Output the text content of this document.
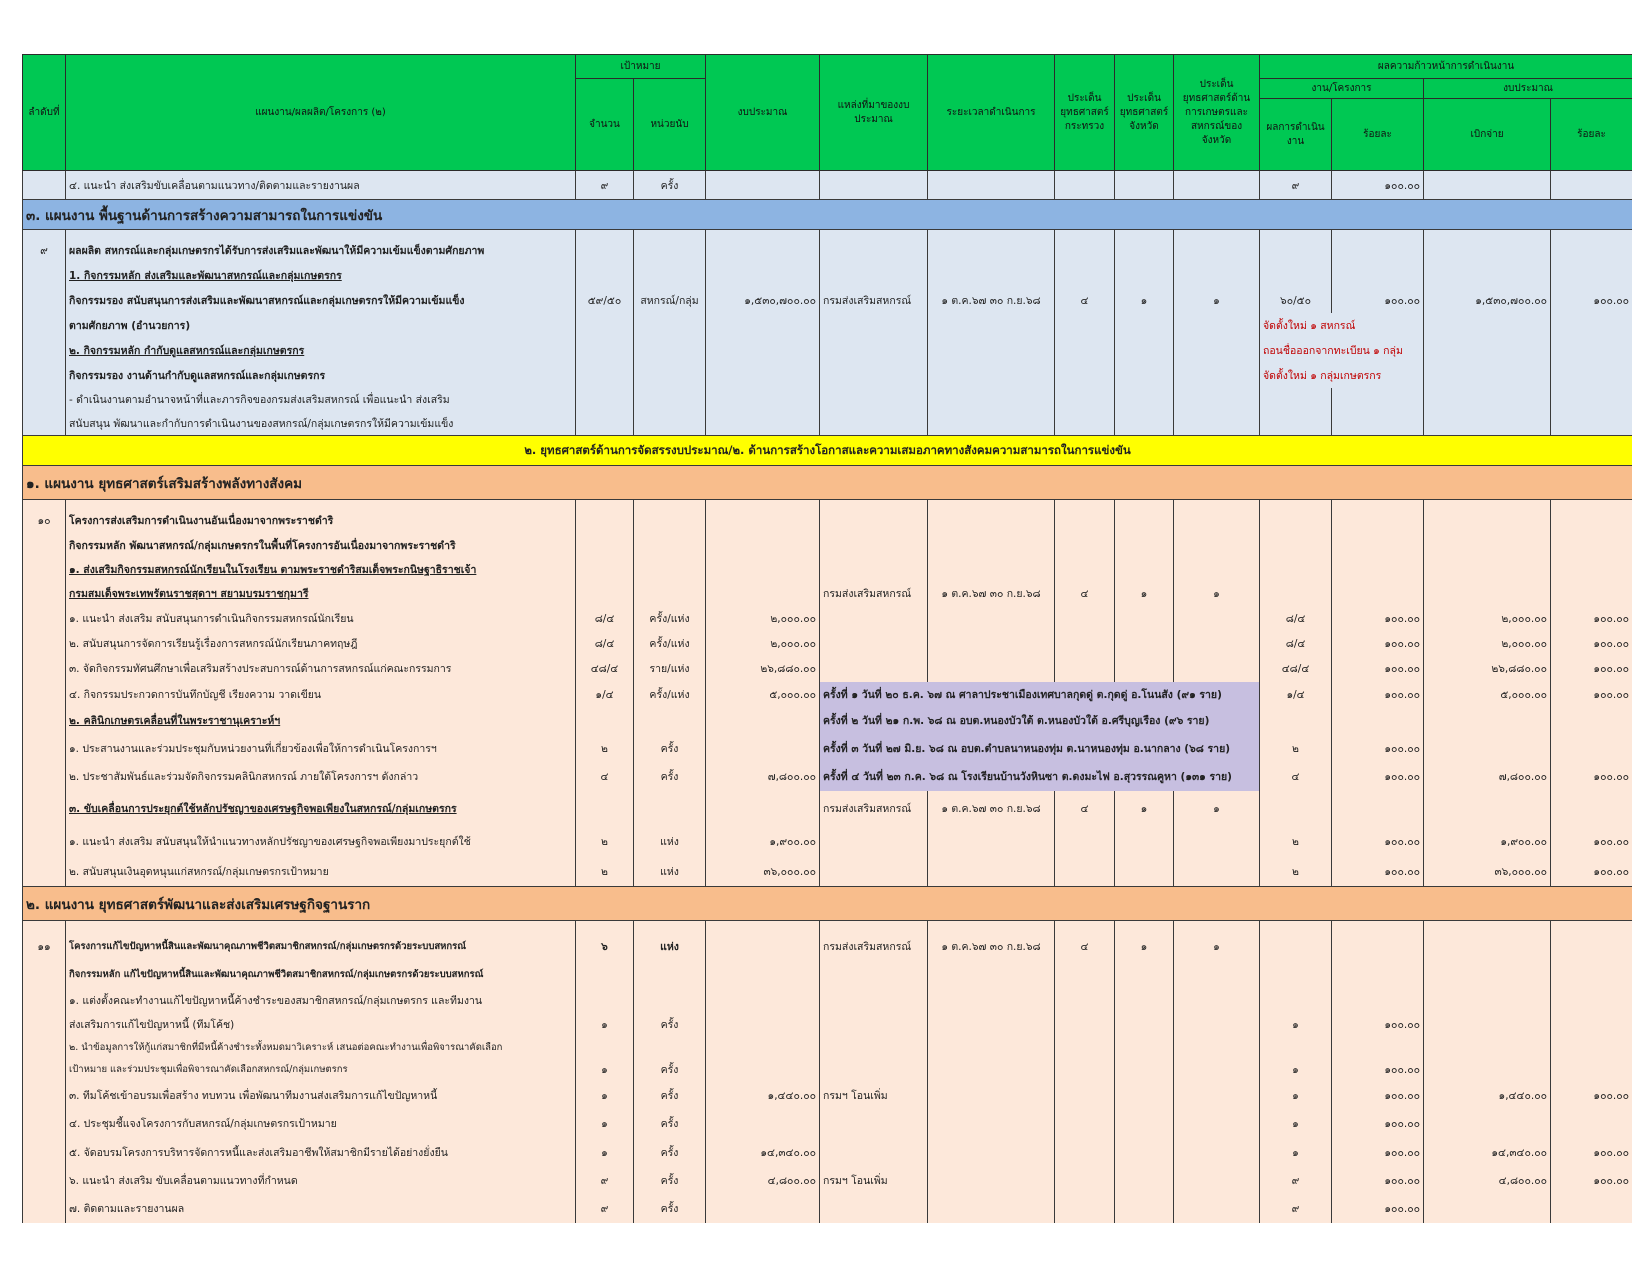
ลำดับที่	แผนงาน/ผลผลิต/โครงการ (๒)	เป้าหมาย		งบประมาณ	แหล่งที่มาของงบประมาณ	ระยะเวลาดำเนินการ	ประเด็นยุทธศาสตร์กระทรวง	ประเด็นยุทธศาสตร์จังหวัด	ประเด็นยุทธศาสตร์ด้านการเกษตรและสหกรณ์ของจังหวัด	ผลความก้าวหน้าการดำเนินงาน			
		จำนวน	หน่วยนับ							งาน/โครงการ		งบประมาณ	
										ผลการดำเนินงาน	ร้อยละ	เบิกจ่าย	ร้อยละ
	๔. แนะนำ ส่งเสริมขับเคลื่อนตามแนวทาง/ติดตามและรายงานผล	๙	ครั้ง							๙	๑๐๐.๐๐		
๓. แผนงาน พื้นฐานด้านการสร้างความสามารถในการแข่งขัน													

๙	ผลผลิต สหกรณ์และกลุ่มเกษตรกรได้รับการส่งเสริมและพัฒนาให้มีความเข้มแข็งตามศักยภาพ												
	1. กิจกรรมหลัก ส่งเสริมและพัฒนาสหกรณ์และกลุ่มเกษตรกร												
	กิจกรรมรอง สนับสนุนการส่งเสริมและพัฒนาสหกรณ์และกลุ่มเกษตรกรให้มีความเข้มแข็ง	๕๙/๕๐	สหกรณ์/กลุ่ม	๑,๕๓๐,๗๐๐.๐๐	กรมส่งเสริมสหกรณ์	๑ ต.ค.๖๗ ๓๐ ก.ย.๖๘	๔	๑	๑	๖๐/๕๐	๑๐๐.๐๐	๑,๕๓๐,๗๐๐.๐๐	๑๐๐.๐๐
	ตามศักยภาพ (อำนวยการ)									จัดตั้งใหม่ ๑ สหกรณ์			
	๒. กิจกรรมหลัก กำกับดูแลสหกรณ์และกลุ่มเกษตรกร									ถอนชื่อออกจากทะเบียน ๑ กลุ่ม			
	กิจกรรมรอง งานด้านกำกับดูแลสหกรณ์และกลุ่มเกษตรกร									จัดตั้งใหม่ ๑ กลุ่มเกษตรกร			
	- ดำเนินงานตามอำนาจหน้าที่และภารกิจของกรมส่งเสริมสหกรณ์ เพื่อแนะนำ ส่งเสริม												
	สนับสนุน พัฒนาและกำกับการดำเนินงานของสหกรณ์/กลุ่มเกษตรกรให้มีความเข้มแข็ง												
๒. ยุทธศาสตร์ด้านการจัดสรรงบประมาณ/๒. ด้านการสร้างโอกาสและความเสมอภาคทางสังคมความสามารถในการแข่งขัน													
๑. แผนงาน ยุทธศาสตร์เสริมสร้างพลังทางสังคม													

๑๐	โครงการส่งเสริมการดำเนินงานอันเนื่องมาจากพระราชดำริ												
	กิจกรรมหลัก พัฒนาสหกรณ์/กลุ่มเกษตรกรในพื้นที่โครงการอันเนื่องมาจากพระราชดำริ												
	๑. ส่งเสริมกิจกรรมสหกรณ์นักเรียนในโรงเรียน ตามพระราชดำริสมเด็จพระกนิษฐาธิราชเจ้า												
	กรมสมเด็จพระเทพรัตนราชสุดาฯ สยามบรมราชกุมารี				กรมส่งเสริมสหกรณ์	๑ ต.ค.๖๗ ๓๐ ก.ย.๖๘	๔	๑	๑				
	๑. แนะนำ ส่งเสริม สนับสนุนการดำเนินกิจกรรมสหกรณ์นักเรียน	๘/๔	ครั้ง/แห่ง	๒,๐๐๐.๐๐						๘/๔	๑๐๐.๐๐	๒,๐๐๐.๐๐	๑๐๐.๐๐
	๒. สนับสนุนการจัดการเรียนรู้เรื่องการสหกรณ์นักเรียนภาคทฤษฎี	๘/๔	ครั้ง/แห่ง	๒,๐๐๐.๐๐						๘/๔	๑๐๐.๐๐	๒,๐๐๐.๐๐	๑๐๐.๐๐
	๓. จัดกิจกรรมทัศนศึกษาเพื่อเสริมสร้างประสบการณ์ด้านการสหกรณ์แก่คณะกรรมการ	๔๘/๔	ราย/แห่ง	๒๖,๘๘๐.๐๐						๔๘/๔	๑๐๐.๐๐	๒๖,๘๘๐.๐๐	๑๐๐.๐๐
	๔. กิจกรรมประกวดการบันทึกบัญชี เรียงความ วาดเขียน	๑/๔	ครั้ง/แห่ง	๕,๐๐๐.๐๐	ครั้งที่ ๑ วันที่ ๒๐ ธ.ค. ๖๗ ณ ศาลาประชาเมืองเทศบาลกุดดู่ ต.กุดดู่ อ.โนนสัง (๙๑ ราย)					๑/๔	๑๐๐.๐๐	๕,๐๐๐.๐๐	๑๐๐.๐๐
	๒. คลินิกเกษตรเคลื่อนที่ในพระราชานุเคราะห์ฯ				ครั้งที่ ๒ วันที่ ๒๑ ก.พ. ๖๘ ณ อบต.หนองบัวใต้ ต.หนองบัวใต้ อ.ศรีบุญเรือง (๙๖ ราย)								
	๑. ประสานงานและร่วมประชุมกับหน่วยงานที่เกี่ยวข้องเพื่อให้การดำเนินโครงการฯ	๒	ครั้ง		ครั้งที่ ๓ วันที่ ๒๗ มิ.ย. ๖๘ ณ อบต.ตำบลนาหนองทุ่ม ต.นาหนองทุ่ม อ.นากลาง (๖๘ ราย)					๒	๑๐๐.๐๐		
	๒. ประชาสัมพันธ์และร่วมจัดกิจกรรมคลินิกสหกรณ์ ภายใต้โครงการฯ ดังกล่าว	๔	ครั้ง	๗,๘๐๐.๐๐	ครั้งที่ ๔ วันที่ ๒๓ ก.ค. ๖๘ ณ โรงเรียนบ้านวังหินซา ต.ดงมะไฟ อ.สุวรรณคูหา (๑๓๑ ราย)					๔	๑๐๐.๐๐	๗,๘๐๐.๐๐	๑๐๐.๐๐
	๓. ขับเคลื่อนการประยุกต์ใช้หลักปรัชญาของเศรษฐกิจพอเพียงในสหกรณ์/กลุ่มเกษตรกร				กรมส่งเสริมสหกรณ์	๑ ต.ค.๖๗ ๓๐ ก.ย.๖๘	๔	๑	๑				
	๑. แนะนำ ส่งเสริม สนับสนุนให้นำแนวทางหลักปรัชญาของเศรษฐกิจพอเพียงมาประยุกต์ใช้	๒	แห่ง	๑,๙๐๐.๐๐						๒	๑๐๐.๐๐	๑,๙๐๐.๐๐	๑๐๐.๐๐
	๒. สนับสนุนเงินอุดหนุนแก่สหกรณ์/กลุ่มเกษตรกรเป้าหมาย	๒	แห่ง	๓๖,๐๐๐.๐๐						๒	๑๐๐.๐๐	๓๖,๐๐๐.๐๐	๑๐๐.๐๐
๒. แผนงาน ยุทธศาสตร์พัฒนาและส่งเสริมเศรษฐกิจฐานราก													

๑๑	โครงการแก้ไขปัญหาหนี้สินและพัฒนาคุณภาพชีวิตสมาชิกสหกรณ์/กลุ่มเกษตรกรด้วยระบบสหกรณ์	๖	แห่ง		กรมส่งเสริมสหกรณ์	๑ ต.ค.๖๗ ๓๐ ก.ย.๖๘	๔	๑	๑				
	กิจกรรมหลัก แก้ไขปัญหาหนี้สินและพัฒนาคุณภาพชีวิตสมาชิกสหกรณ์/กลุ่มเกษตรกรด้วยระบบสหกรณ์												
	๑. แต่งตั้งคณะทำงานแก้ไขปัญหาหนี้ค้างชำระของสมาชิกสหกรณ์/กลุ่มเกษตรกร และทีมงาน												
	ส่งเสริมการแก้ไขปัญหาหนี้ (ทีมโค้ช)	๑	ครั้ง							๑	๑๐๐.๐๐		
	๒. นำข้อมูลการให้กู้แก่สมาชิกที่มีหนี้ค้างชำระทั้งหมดมาวิเคราะห์ เสนอต่อคณะทำงานเพื่อพิจารณาคัดเลือก												
	เป้าหมาย และร่วมประชุมเพื่อพิจารณาคัดเลือกสหกรณ์/กลุ่มเกษตรกร	๑	ครั้ง							๑	๑๐๐.๐๐		
	๓. ทีมโค้ชเข้าอบรมเพื่อสร้าง ทบทวน เพื่อพัฒนาทีมงานส่งเสริมการแก้ไขปัญหาหนี้	๑	ครั้ง	๑,๔๔๐.๐๐	กรมฯ โอนเพิ่ม					๑	๑๐๐.๐๐	๑,๔๔๐.๐๐	๑๐๐.๐๐
	๔. ประชุมชี้แจงโครงการกับสหกรณ์/กลุ่มเกษตรกรเป้าหมาย	๑	ครั้ง							๑	๑๐๐.๐๐		
	๕. จัดอบรมโครงการบริหารจัดการหนี้และส่งเสริมอาชีพให้สมาชิกมีรายได้อย่างยั่งยืน	๑	ครั้ง	๑๔,๓๔๐.๐๐						๑	๑๐๐.๐๐	๑๔,๓๔๐.๐๐	๑๐๐.๐๐
	๖. แนะนำ ส่งเสริม ขับเคลื่อนตามแนวทางที่กำหนด	๙	ครั้ง	๔,๘๐๐.๐๐	กรมฯ โอนเพิ่ม					๙	๑๐๐.๐๐	๔,๘๐๐.๐๐	๑๐๐.๐๐
	๗. ติดตามและรายงานผล	๙	ครั้ง							๙	๑๐๐.๐๐		
